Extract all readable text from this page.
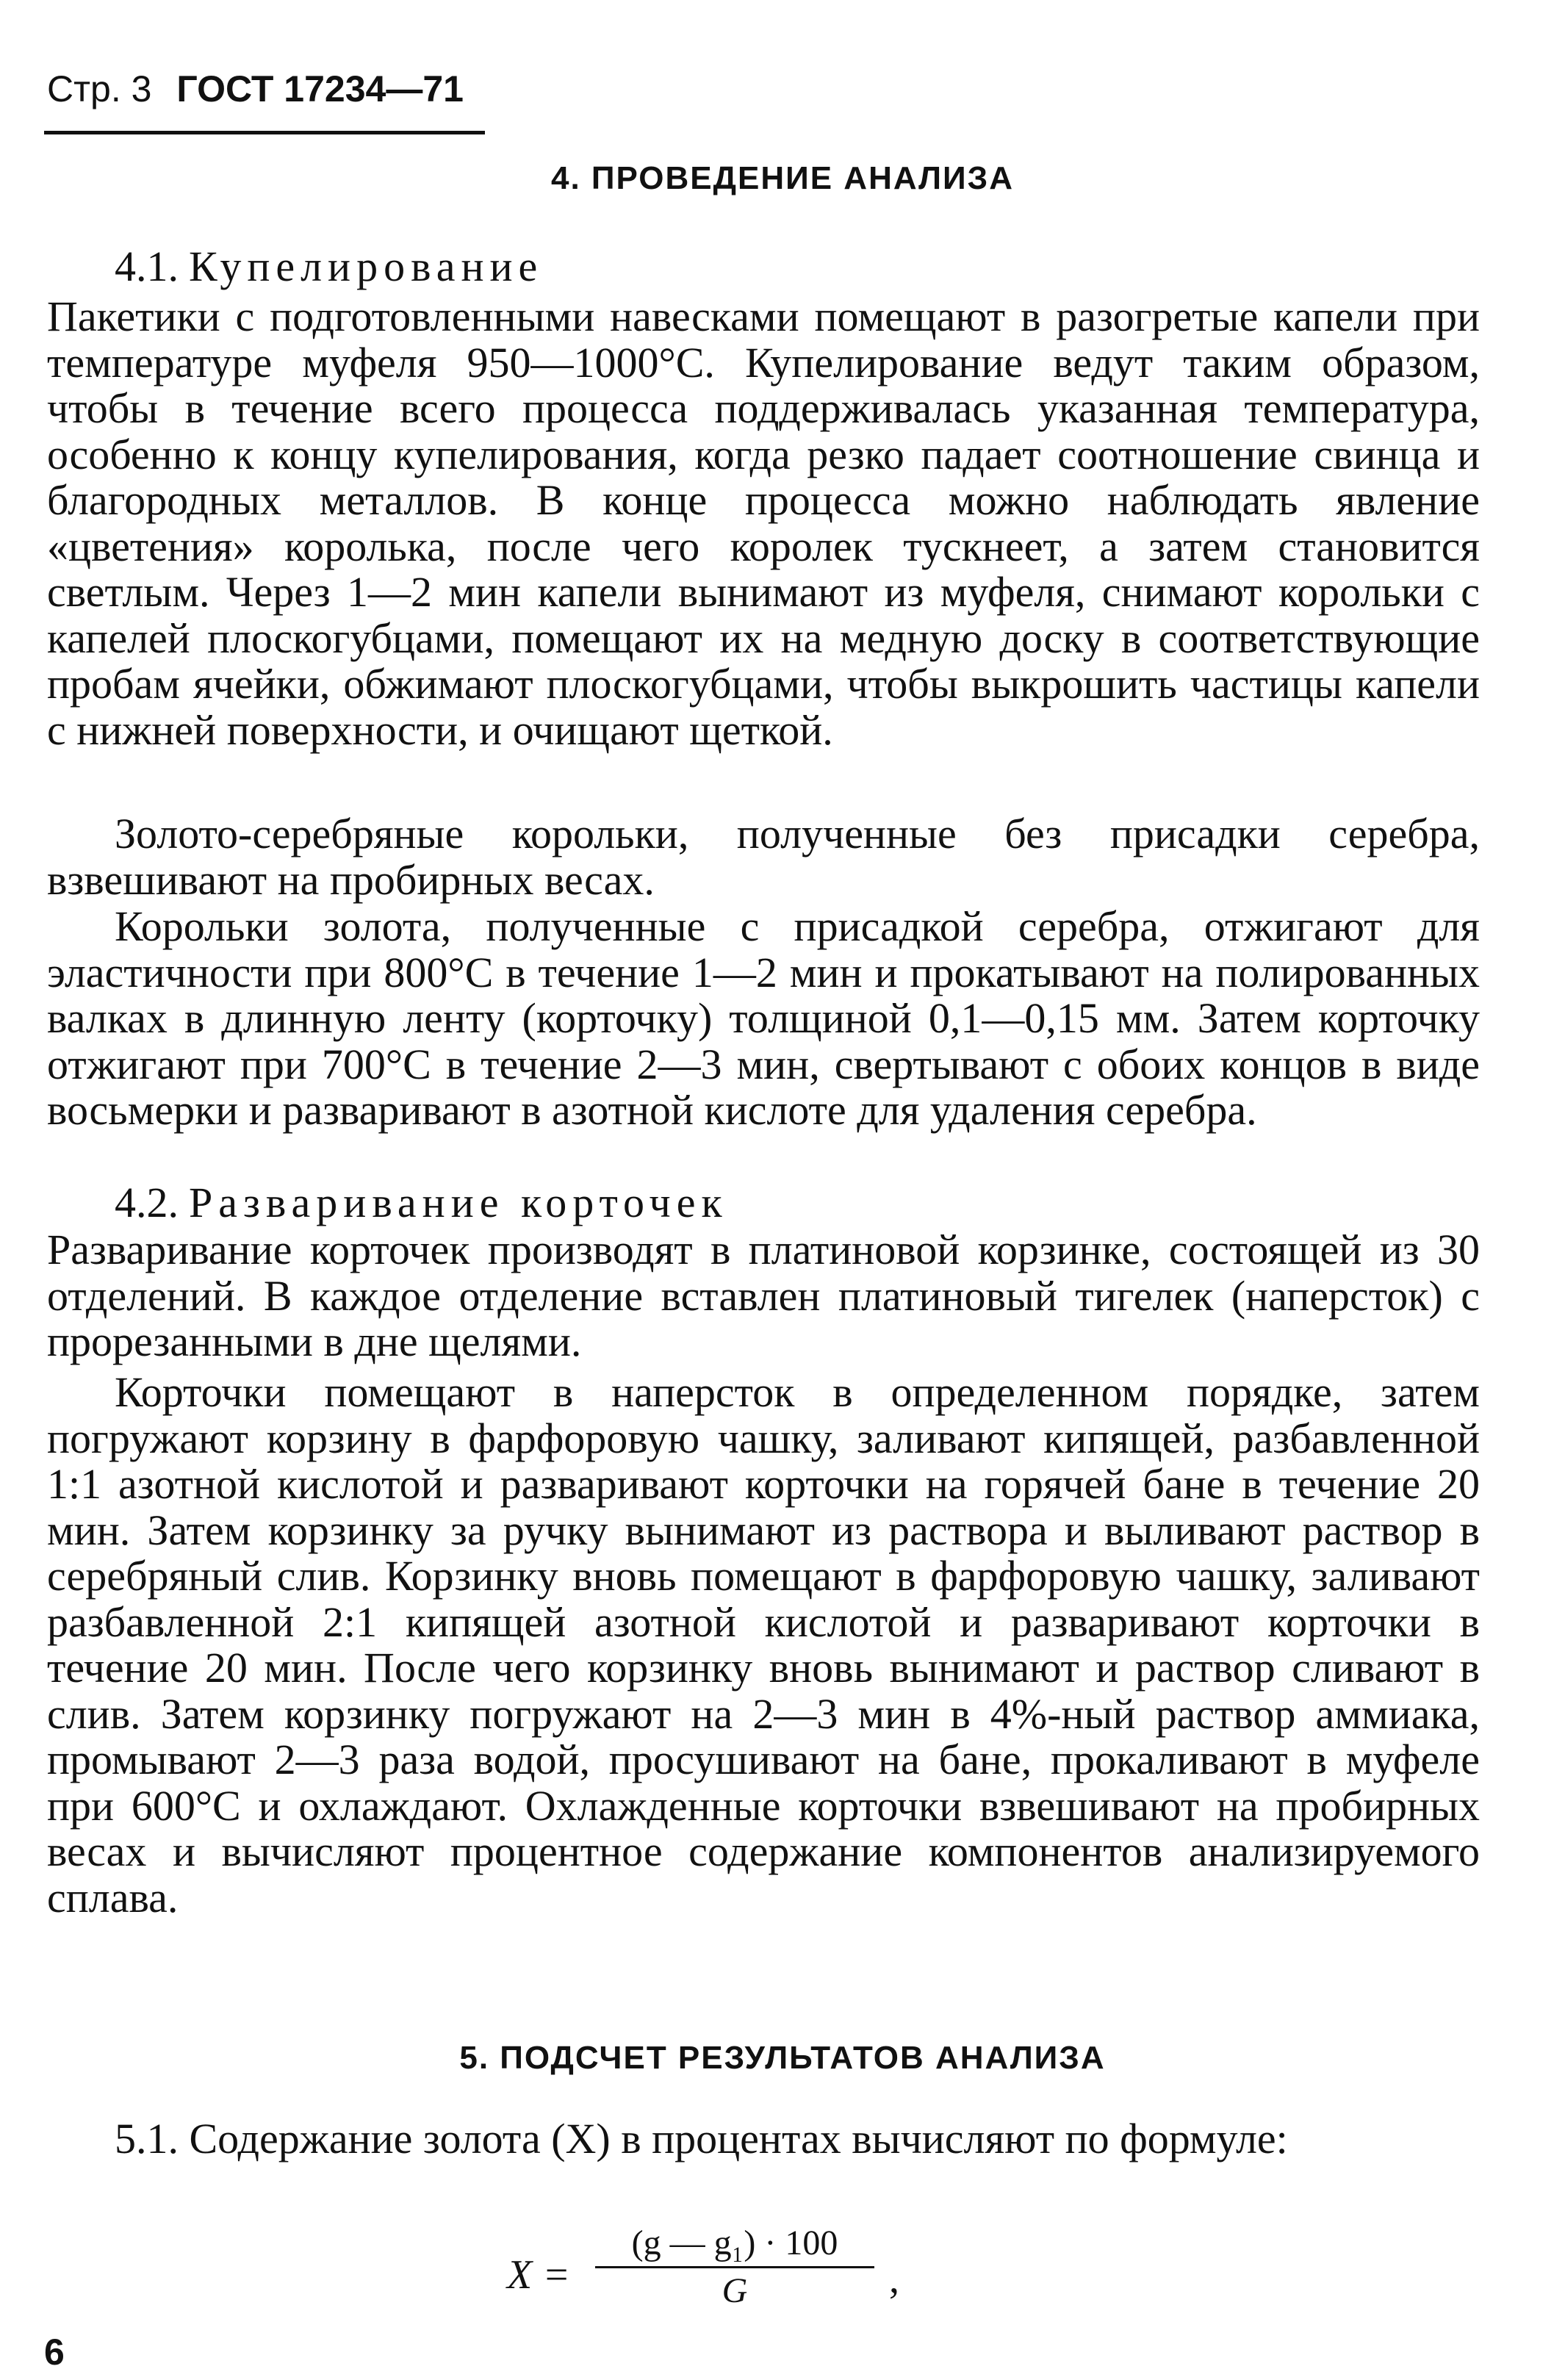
Стр. 3 ГОСТ 17234—71
4. ПРОВЕДЕНИЕ АНАЛИЗА
4.1. Купелирование

Пакетики с подготовленными навесками помещают в разогретые капели при температуре муфеля 950—1000°С. Купелирование ведут таким образом, чтобы в течение всего процесса поддерживалась указанная температура, особенно к концу купелирования, когда резко падает соотношение свинца и благородных металлов. В конце процесса можно наблюдать явление «цветения» королька, после чего королек тускнеет, а затем становится светлым. Через 1—2 мин капели вынимают из муфеля, снимают корольки с капелей плоскогубцами, помещают их на медную доску в соответствующие пробам ячейки, обжимают плоскогубцами, чтобы выкрошить частицы капели с нижней поверхности, и очищают щеткой.

Золото-серебряные корольки, полученные без присадки серебра, взвешивают на пробирных весах.

Корольки золота, полученные с присадкой серебра, отжигают для эластичности при 800°С в течение 1—2 мин и прокатывают на полированных валках в длинную ленту (корточку) толщиной 0,1—0,15 мм. Затем корточку отжигают при 700°С в течение 2—3 мин, свертывают с обоих концов в виде восьмерки и разваривают в азотной кислоте для удаления серебра.

4.2. Разваривание корточек

Разваривание корточек производят в платиновой корзинке, состоящей из 30 отделений. В каждое отделение вставлен платиновый тигелек (наперсток) с прорезанными в дне щелями.

Корточки помещают в наперсток в определенном порядке, затем погружают корзину в фарфоровую чашку, заливают кипящей, разбавленной 1:1 азотной кислотой и разваривают корточки на горячей бане в течение 20 мин. Затем корзинку за ручку вынимают из раствора и выливают раствор в серебряный слив. Корзинку вновь помещают в фарфоровую чашку, заливают разбавленной 2:1 кипящей азотной кислотой и разваривают корточки в течение 20 мин. После чего корзинку вновь вынимают и раствор сливают в слив. Затем корзинку погружают на 2—3 мин в 4%-ный раствор аммиака, промывают 2—3 раза водой, просушивают на бане, прокаливают в муфеле при 600°С и охлаждают. Охлажденные корточки взвешивают на пробирных весах и вычисляют процентное содержание компонентов анализируемого сплава.

5. ПОДСЧЕТ РЕЗУЛЬТАТОВ АНАЛИЗА

5.1. Содержание золота (X) в процентах вычисляют по формуле:

X =
(g — g₁) · 100
G	,
6
